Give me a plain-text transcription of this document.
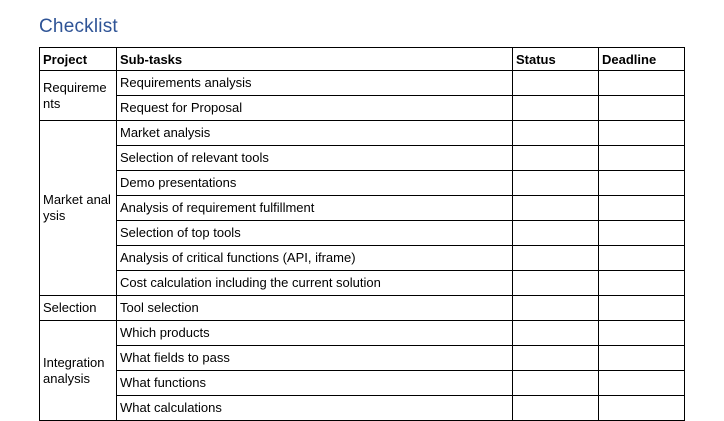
Checklist
Project	Sub-tasks	Status	Deadline
Requirements	Requirements analysis		
	Request for Proposal		
Market analysis	Market analysis		
	Selection of relevant tools		
	Demo presentations		
	Analysis of requirement fulfillment		
	Selection of top tools		
	Analysis of critical functions (API, iframe)		
	Cost calculation including the current solution		
Selection	Tool selection		
Integration analysis	Which products		
	What fields to pass		
	What functions		
	What calculations		
